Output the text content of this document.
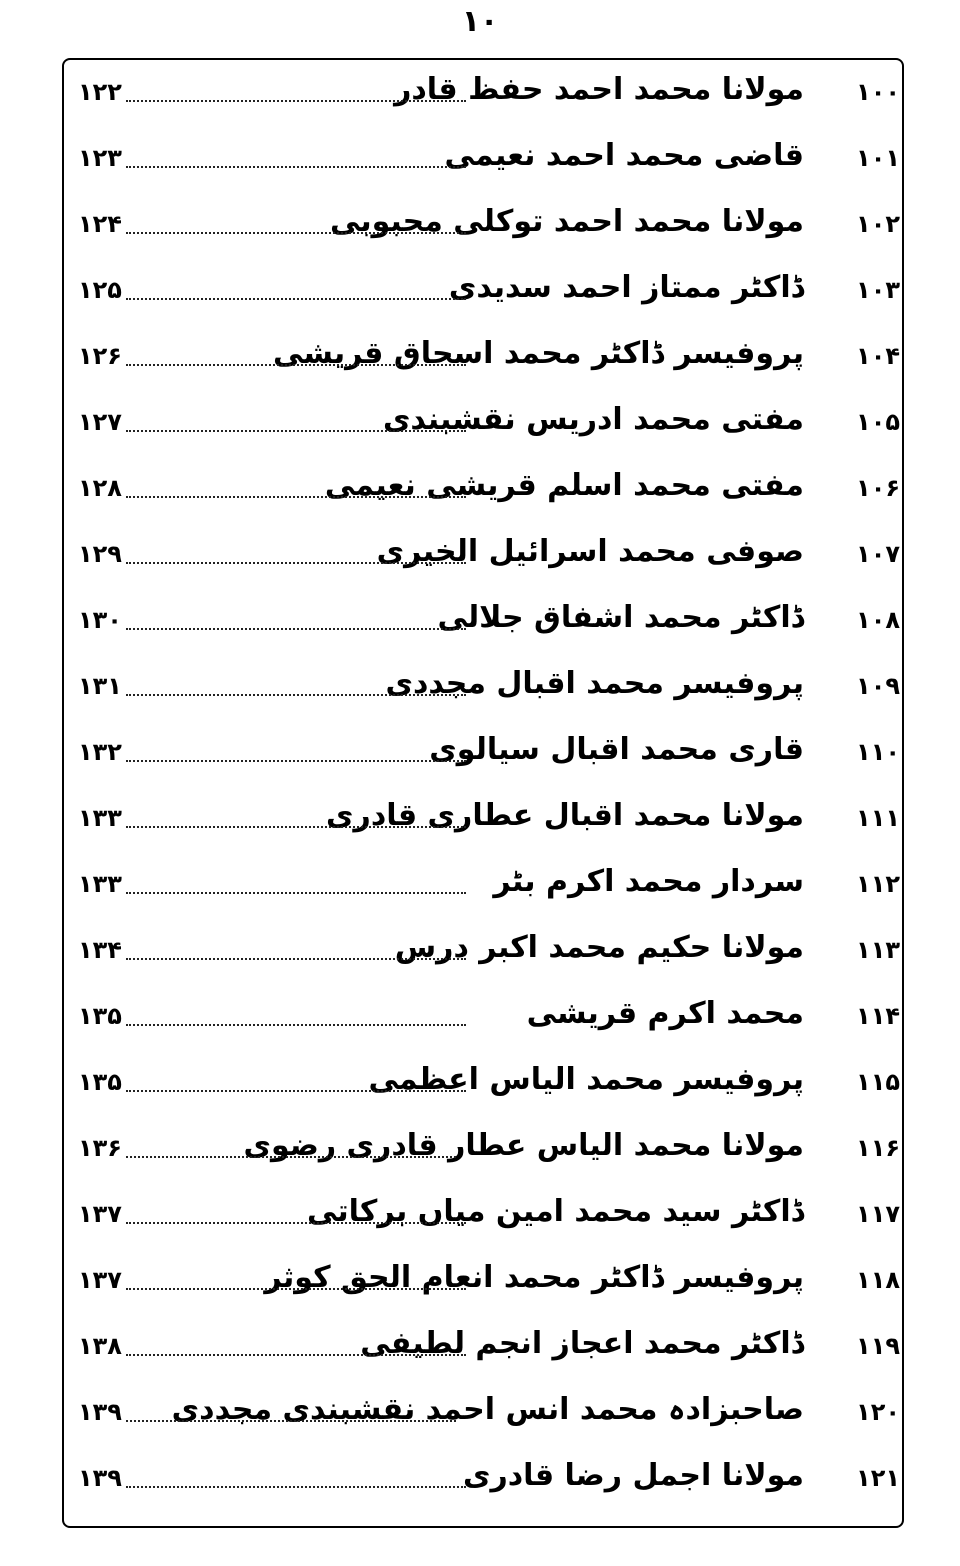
۱۰
۱۰۰
مولانا محمد احمد حفظ قادر
۱۲۲
۱۰۱
قاضی محمد احمد نعیمی
۱۲۳
۱۰۲
مولانا محمد احمد توکلی محبوبی
۱۲۴
۱۰۳
ڈاکٹر ممتاز احمد سدیدی
۱۲۵
۱۰۴
پروفیسر ڈاکٹر محمد اسحاق قریشی
۱۲۶
۱۰۵
مفتی محمد ادریس نقشبندی
۱۲۷
۱۰۶
مفتی محمد اسلم قریشی نعیمی
۱۲۸
۱۰۷
صوفی محمد اسرائیل الخیری
۱۲۹
۱۰۸
ڈاکٹر محمد اشفاق جلالی
۱۳۰
۱۰۹
پروفیسر محمد اقبال مجددی
۱۳۱
۱۱۰
قاری محمد اقبال سیالوی
۱۳۲
۱۱۱
مولانا محمد اقبال عطاری قادری
۱۳۳
۱۱۲
سردار محمد اکرم بٹر
۱۳۳
۱۱۳
مولانا حکیم محمد اکبر درس
۱۳۴
۱۱۴
محمد اکرم قریشی
۱۳۵
۱۱۵
پروفیسر محمد الیاس اعظمی
۱۳۵
۱۱۶
مولانا محمد الیاس عطار قادری رضوی
۱۳۶
۱۱۷
ڈاکٹر سید محمد امین میاں برکاتی
۱۳۷
۱۱۸
پروفیسر ڈاکٹر محمد انعام الحق کوثر
۱۳۷
۱۱۹
ڈاکٹر محمد اعجاز انجم لطیفی
۱۳۸
۱۲۰
صاحبزادہ محمد انس احمد نقشبندی مجددی
۱۳۹
۱۲۱
مولانا اجمل رضا قادری
۱۳۹
